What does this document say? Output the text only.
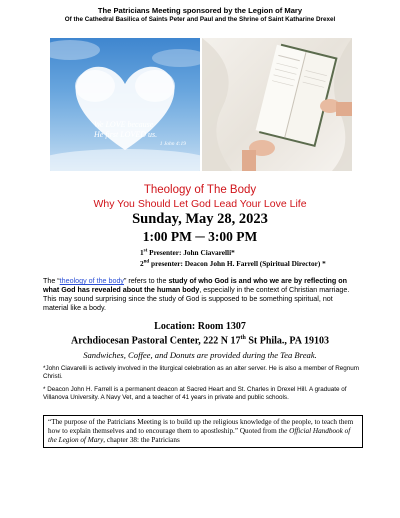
The Patricians Meeting sponsored by the Legion of Mary
Of the Cathedral Basilica of Saints Peter and Paul and the Shrine of Saint Katharine Drexel
We LOVE because
He first LOVED us.
1 John 4:19
Theology of The Body
Why You Should Let God Lead Your Love Life
Sunday, May 28, 2023
1:00 PM ─ 3:00 PM
1st Presenter: John Ciavarelli*
2nd presenter: Deacon John H. Farrell (Spiritual Director) *
The “theology of the body” refers to the study of who God is and who we are by reflecting on what God has revealed about the human body, especially in the context of Christian marriage. This may sound surprising since the study of God is supposed to be something spiritual, not material like a body.
Location: Room 1307
Archdiocesan Pastoral Center, 222 N 17th St Phila., PA 19103
Sandwiches, Coffee, and Donuts are provided during the Tea Break.
*John Ciavarelli is actively involved in the liturgical celebration as an alter server. He is also a member of Regnum Christi.
* Deacon John H. Farrell is a permanent deacon at Sacred Heart and St. Charles in Drexel Hill. A graduate of Villanova University. A Navy Vet, and a teacher of 41 years in private and public schools.
“The purpose of the Patricians Meeting is to build up the religious knowledge of the people, to teach them how to explain themselves and to encourage them to apostleship.” Quoted from the Official Handbook of the Legion of Mary, chapter 38: the Patricians
